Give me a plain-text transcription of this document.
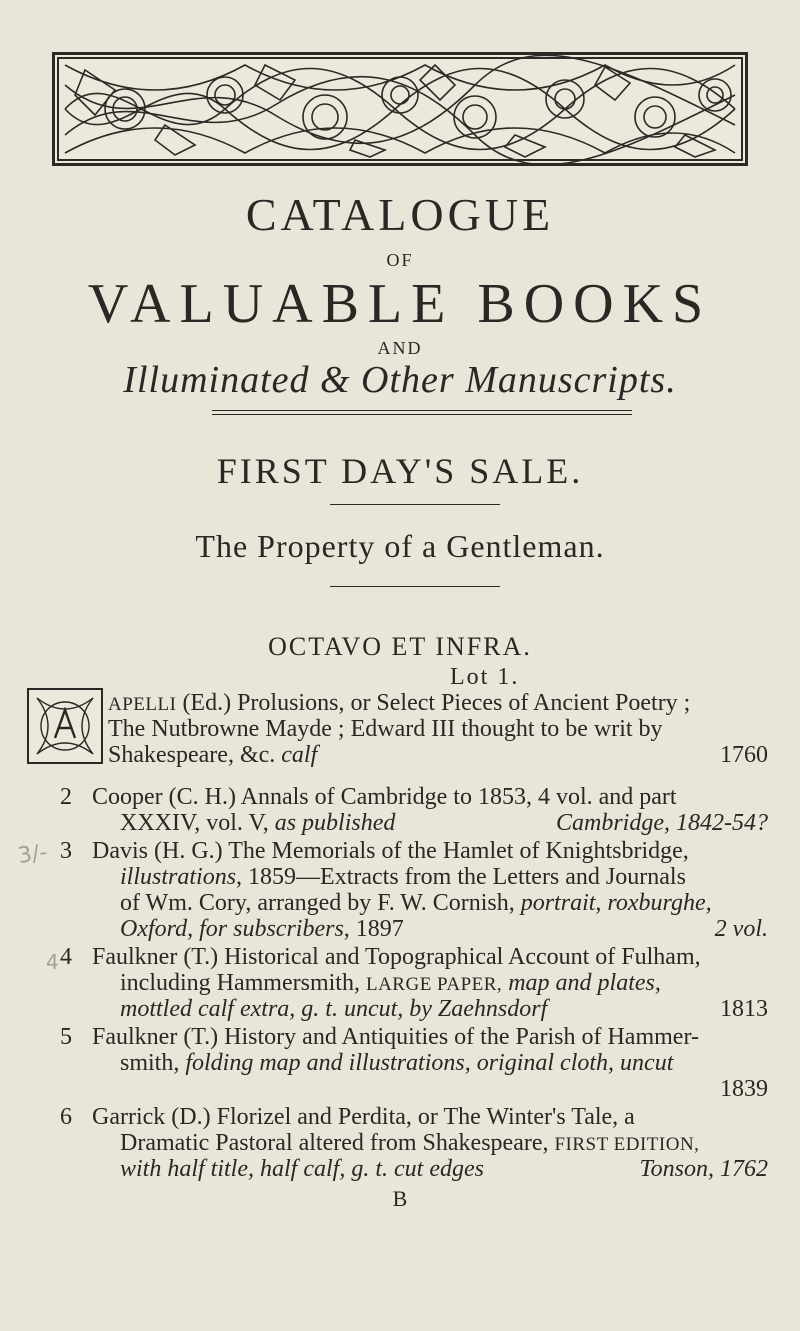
CATALOGUE
OF
VALUABLE BOOKS
AND
Illuminated & Other Manuscripts.
FIRST DAY'S SALE.
The Property of a Gentleman.
OCTAVO ET INFRA.
Lot 1.
APELLI (Ed.) Prolusions, or Select Pieces of Ancient Poetry ;
The Nutbrowne Mayde ; Edward III thought to be writ by
Shakespeare, &c. calf	1760
2 Cooper (C. H.) Annals of Cambridge to 1853, 4 vol. and part
XXXIV, vol. V, as published	Cambridge, 1842-54?
3 Davis (H. G.) The Memorials of the Hamlet of Knightsbridge,
illustrations, 1859—Extracts from the Letters and Journals
of Wm. Cory, arranged by F. W. Cornish, portrait, roxburghe,
Oxford, for subscribers, 1897	2 vol.
4 Faulkner (T.) Historical and Topographical Account of Fulham,
including Hammersmith, LARGE PAPER, map and plates,
mottled calf extra, g. t. uncut, by Zaehnsdorf	1813
5 Faulkner (T.) History and Antiquities of the Parish of Hammer-
smith, folding map and illustrations, original cloth, uncut
1839
6 Garrick (D.) Florizel and Perdita, or The Winter's Tale, a
Dramatic Pastoral altered from Shakespeare, FIRST EDITION,
with half title, half calf, g. t. cut edges	Tonson, 1762
B
3/-
4
